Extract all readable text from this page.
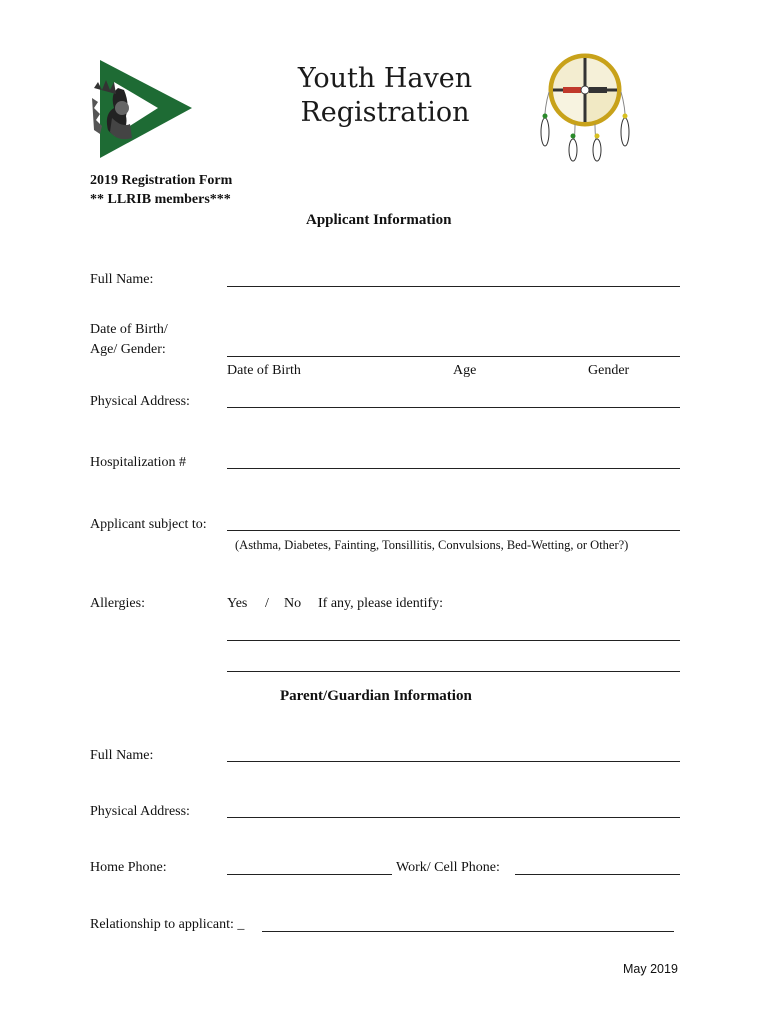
Youth Haven
Registration
2019 Registration Form
** LLRIB members***
Applicant Information
Full Name:
Date of Birth/
Age/ Gender:
Date of Birth	Age	Gender
Physical Address:
Hospitalization #
Applicant subject to:
(Asthma, Diabetes, Fainting, Tonsillitis, Convulsions, Bed-Wetting, or Other?)
Allergies:	Yes / No If any, please identify:
Parent/Guardian Information
Full Name:
Physical Address:
Home Phone:	Work/ Cell Phone:
Relationship to applicant: _
May 2019
